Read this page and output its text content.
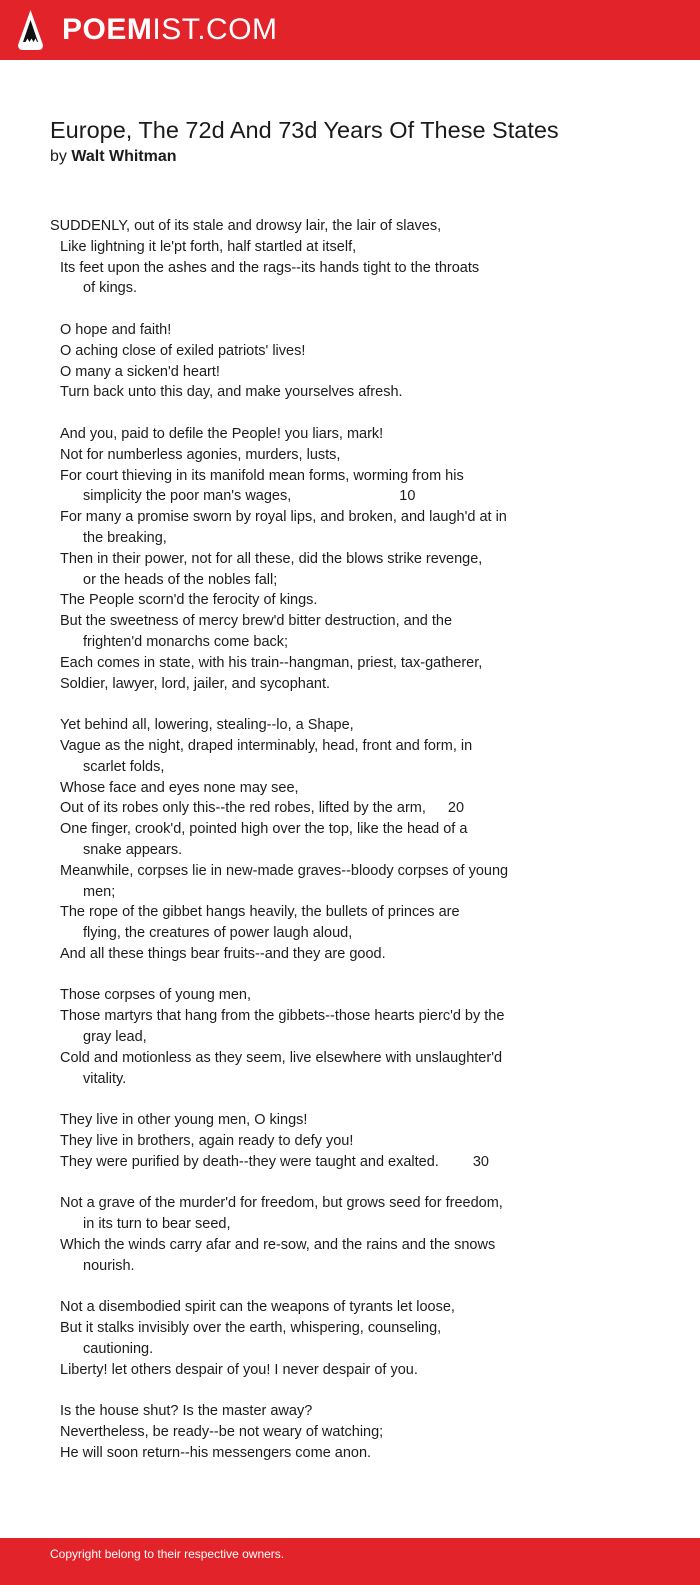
POEMIST.COM
Europe, The 72d And 73d Years Of These States
by Walt Whitman
SUDDENLY, out of its stale and drowsy lair, the lair of slaves,
Like lightning it le'pt forth, half startled at itself,
Its feet upon the ashes and the rags--its hands tight to the throats
of kings.
O hope and faith!
O aching close of exiled patriots' lives!
O many a sicken'd heart!
Turn back unto this day, and make yourselves afresh.
And you, paid to defile the People! you liars, mark!
Not for numberless agonies, murders, lusts,
For court thieving in its manifold mean forms, worming from his
simplicity the poor man's wages,	10
For many a promise sworn by royal lips, and broken, and laugh'd at in
the breaking,
Then in their power, not for all these, did the blows strike revenge,
or the heads of the nobles fall;
The People scorn'd the ferocity of kings.
But the sweetness of mercy brew'd bitter destruction, and the
frighten'd monarchs come back;
Each comes in state, with his train--hangman, priest, tax-gatherer,
Soldier, lawyer, lord, jailer, and sycophant.
Yet behind all, lowering, stealing--lo, a Shape,
Vague as the night, draped interminably, head, front and form, in
scarlet folds,
Whose face and eyes none may see,
Out of its robes only this--the red robes, lifted by the arm, 20
One finger, crook'd, pointed high over the top, like the head of a
snake appears.
Meanwhile, corpses lie in new-made graves--bloody corpses of young
men;
The rope of the gibbet hangs heavily, the bullets of princes are
flying, the creatures of power laugh aloud,
And all these things bear fruits--and they are good.
Those corpses of young men,
Those martyrs that hang from the gibbets--those hearts pierc'd by the
gray lead,
Cold and motionless as they seem, live elsewhere with unslaughter'd
vitality.
They live in other young men, O kings!
They live in brothers, again ready to defy you!
They were purified by death--they were taught and exalted. 30
Not a grave of the murder'd for freedom, but grows seed for freedom,
in its turn to bear seed,
Which the winds carry afar and re-sow, and the rains and the snows
nourish.
Not a disembodied spirit can the weapons of tyrants let loose,
But it stalks invisibly over the earth, whispering, counseling,
cautioning.
Liberty! let others despair of you! I never despair of you.
Is the house shut? Is the master away?
Nevertheless, be ready--be not weary of watching;
He will soon return--his messengers come anon.
Copyright belong to their respective owners.
